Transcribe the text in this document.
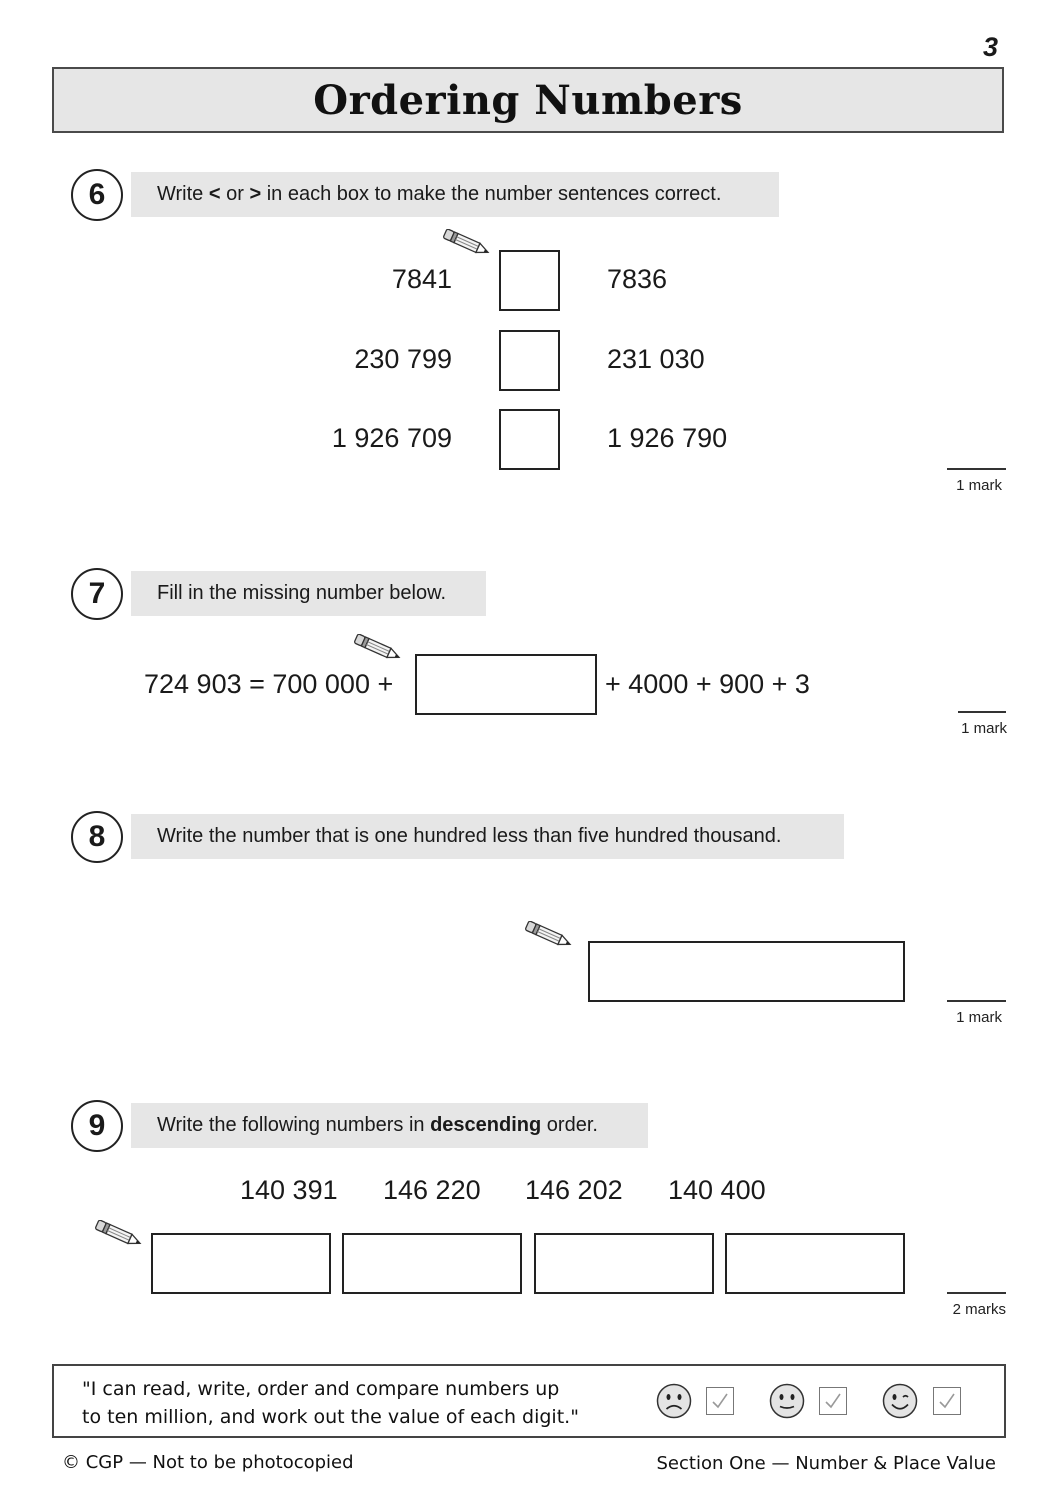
3
Ordering Numbers
6	Write
<
or
>
in each box to make the number sentences correct.
7841	7836
230 799	231 030
1 926 709	1 926 790
1 mark
7	Fill in the missing number below.
724 903 = 700 000 +	+ 4000 + 900 + 3
1 mark
8	Write the number that is one hundred less than five hundred thousand.
1 mark
9	Write the following numbers in
descending
order.
140 391 146 220 146 202 140 400
2 marks
"I can read, write, order and compare numbers up
to ten million, and work out the value of each digit."
© CGP — Not to be photocopied	Section One — Number & Place Value
